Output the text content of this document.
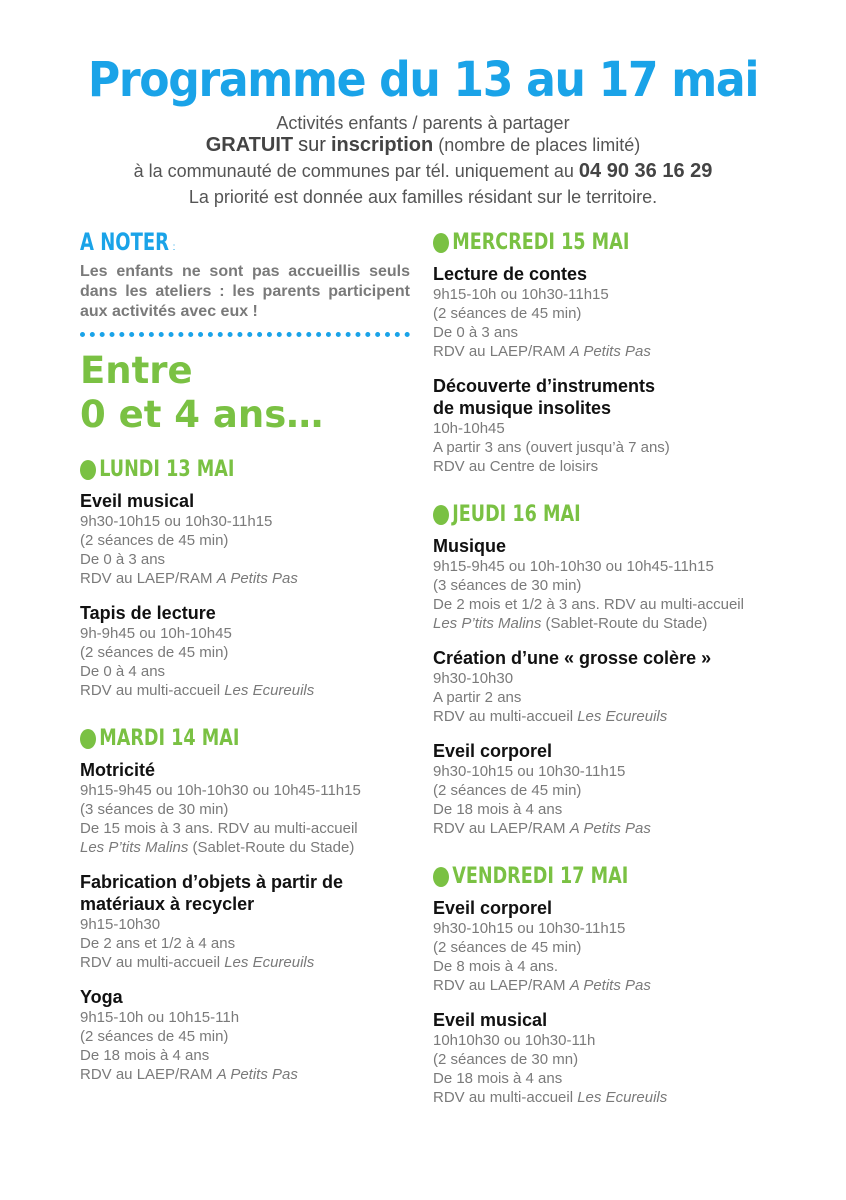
Programme du 13 au 17 mai
Activités enfants / parents à partager
GRATUIT sur inscription (nombre de places limité)
à la communauté de communes par tél. uniquement au 04 90 36 16 29
La priorité est donnée aux familles résidant sur le territoire.
A NOTER :
Les enfants ne sont pas accueillis seuls dans les ateliers : les parents participent aux activités avec eux !
Entre
0 et 4 ans…
LUNDI 13 MAI
Eveil musical
9h30-10h15 ou 10h30-11h15
(2 séances de 45 min)
De 0 à 3 ans
RDV au LAEP/RAM A Petits Pas
Tapis de lecture
9h-9h45 ou 10h-10h45
(2 séances de 45 min)
De 0 à 4 ans
RDV au multi-accueil Les Ecureuils
MARDI 14 MAI
Motricité
9h15-9h45 ou 10h-10h30 ou 10h45-11h15
(3 séances de 30 min)
De 15 mois à 3 ans. RDV au multi-accueil
Les P’tits Malins (Sablet-Route du Stade)
Fabrication d’objets à partir de
matériaux à recycler
9h15-10h30
De 2 ans et 1/2 à 4 ans
RDV au multi-accueil Les Ecureuils
Yoga
9h15-10h ou 10h15-11h
(2 séances de 45 min)
De 18 mois à 4 ans
RDV au LAEP/RAM A Petits Pas
MERCREDI 15 MAI
Lecture de contes
9h15-10h ou 10h30-11h15
(2 séances de 45 min)
De 0 à 3 ans
RDV au LAEP/RAM A Petits Pas
Découverte d’instruments
de musique insolites
10h-10h45
A partir 3 ans (ouvert jusqu’à 7 ans)
RDV au Centre de loisirs
JEUDI 16 MAI
Musique
9h15-9h45 ou 10h-10h30 ou 10h45-11h15
(3 séances de 30 min)
De 2 mois et 1/2 à 3 ans. RDV au multi-accueil
Les P’tits Malins (Sablet-Route du Stade)
Création d’une « grosse colère »
9h30-10h30
A partir 2 ans
RDV au multi-accueil Les Ecureuils
Eveil corporel
9h30-10h15 ou 10h30-11h15
(2 séances de 45 min)
De 18 mois à 4 ans
RDV au LAEP/RAM A Petits Pas
VENDREDI 17 MAI
Eveil corporel
9h30-10h15 ou 10h30-11h15
(2 séances de 45 min)
De 8 mois à 4 ans.
RDV au LAEP/RAM A Petits Pas
Eveil musical
10h10h30 ou 10h30-11h
(2 séances de 30 mn)
De 18 mois à 4 ans
RDV au multi-accueil Les Ecureuils
